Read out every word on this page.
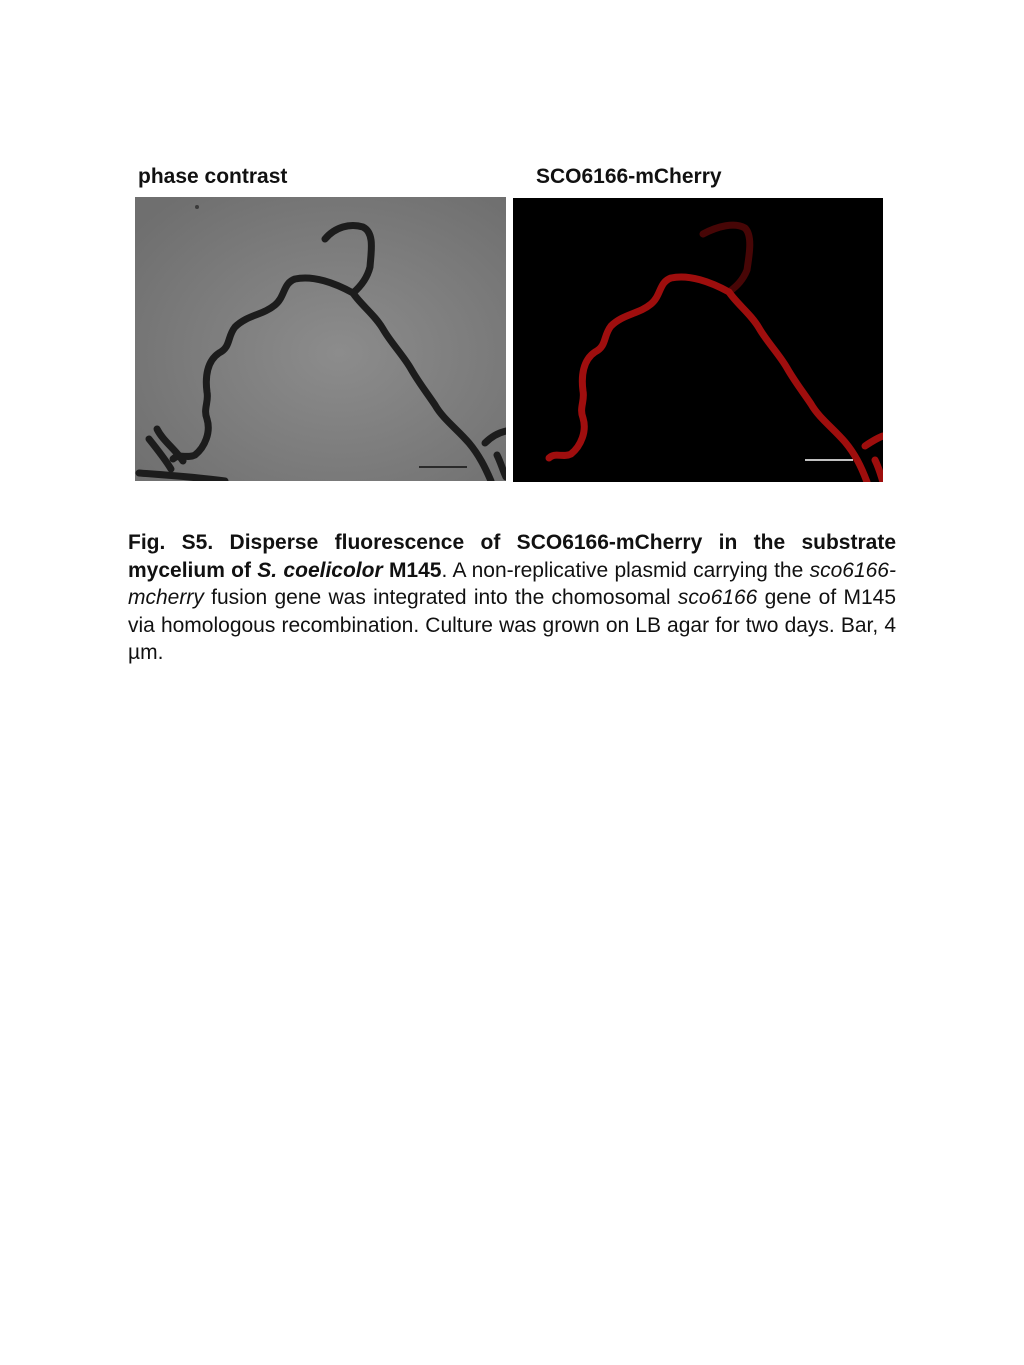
phase contrast	SCO6166-mCherry

Fig. S5. Disperse fluorescence of SCO6166-mCherry in the substrate mycelium of S. coelicolor M145. A non-replicative plasmid carrying the sco6166-mcherry fusion gene was integrated into the chomosomal sco6166 gene of M145 via homologous recombination. Culture was grown on LB agar for two days. Bar, 4 µm.
